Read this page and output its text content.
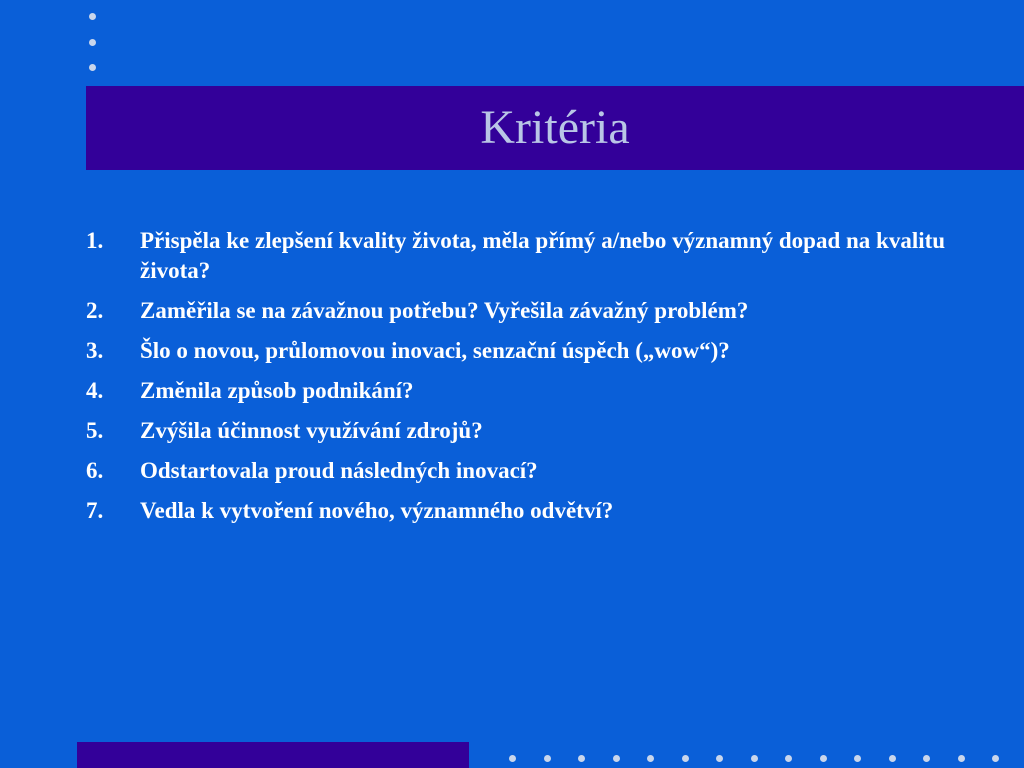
Kritéria
1. Přispěla ke zlepšení kvality života, měla přímý a/nebo významný dopad na kvalitu života?
2. Zaměřila se na závažnou potřebu? Vyřešila závažný problém?
3. Šlo o novou, průlomovou inovaci, senzační úspěch („wow“)?
4. Změnila způsob podnikání?
5. Zvýšila účinnost využívání zdrojů?
6. Odstartovala proud následných inovací?
7. Vedla k vytvoření nového, významného odvětví?
